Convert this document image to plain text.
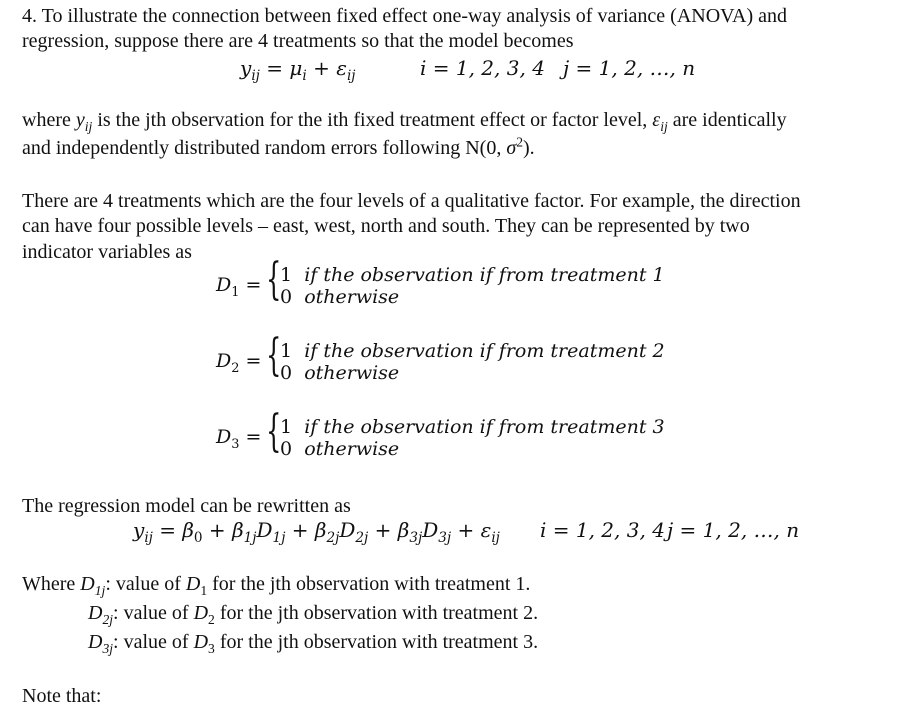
4. To illustrate the connection between fixed effect one-way analysis of variance (ANOVA) and
regression, suppose there are 4 treatments so that the model becomes
$y_{ij} = \mu_i + \varepsilon_{ij}$	i = 1, 2, 3, 4 j = 1, 2, …, n
where $y_{ij}$ is the jth observation for the ith fixed treatment effect or factor level, $\varepsilon_{ij}$ are identically
and independently distributed random errors following N(0, $\sigma^2$).
There are 4 treatments which are the four levels of a qualitative factor. For example, the direction
can have four possible levels – east, west, north and south. They can be represented by two
indicator variables as
$D_1$ = {
1 if the observation if from treatment 1
0 otherwise
$D_2$ = {
1 if the observation if from treatment 2
0 otherwise
$D_3$ = {
1 if the observation if from treatment 3
0 otherwise
The regression model can be rewritten as
$y_{ij} = \beta_0 + \beta_{1j}D_{1j} + \beta_{2j}D_{2j} + \beta_{3j}D_{3j} + \varepsilon_{ij}$ i = 1, 2, 3, 4 j = 1, 2, …, n
Where $D_{1j}$: value of $D_1$ for the jth observation with treatment 1.
$D_{2j}$: value of $D_2$ for the jth observation with treatment 2.
$D_{3j}$: value of $D_3$ for the jth observation with treatment 3.
Note that:
